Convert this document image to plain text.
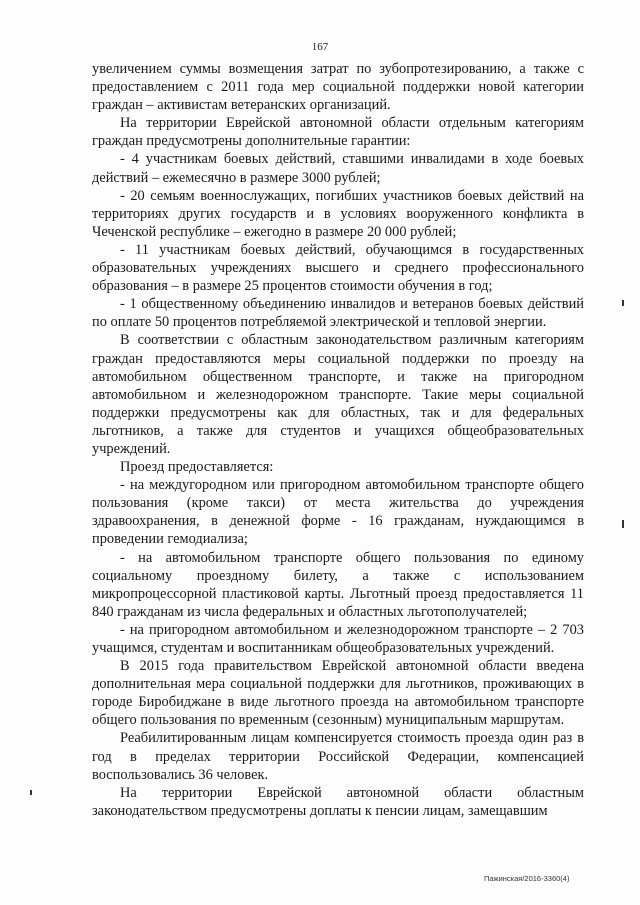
167

увеличением суммы возмещения затрат по зубопротезированию, а также с предоставлением с 2011 года мер социальной поддержки новой категории граждан – активистам ветеранских организаций.

На территории Еврейской автономной области отдельным категориям граждан предусмотрены дополнительные гарантии:

- 4 участникам боевых действий, ставшими инвалидами в ходе боевых действий – ежемесячно в размере 3000 рублей;

- 20 семьям военнослужащих, погибших участников боевых действий на территориях других государств и в условиях вооруженного конфликта в Чеченской республике – ежегодно в размере 20 000 рублей;

- 11 участникам боевых действий, обучающимся в государственных образовательных учреждениях высшего и среднего профессионального образования – в размере 25 процентов стоимости обучения в год;

- 1 общественному объединению инвалидов и ветеранов боевых действий по оплате 50 процентов потребляемой электрической и тепловой энергии.

В соответствии с областным законодательством различным категориям граждан предоставляются меры социальной поддержки по проезду на автомобильном общественном транспорте, и также на пригородном автомобильном и железнодорожном транспорте. Такие меры социальной поддержки предусмотрены как для областных, так и для федеральных льготников, а также для студентов и учащихся общеобразовательных учреждений.

Проезд предоставляется:

- на междугородном или пригородном автомобильном транспорте общего пользования (кроме такси) от места жительства до учреждения здравоохранения, в денежной форме - 16 гражданам, нуждающимся в проведении гемодиализа;

- на автомобильном транспорте общего пользования по единому социальному проездному билету, а также с использованием микропроцессорной пластиковой карты. Льготный проезд предоставляется 11 840 гражданам из числа федеральных и областных льготополучателей;

- на пригородном автомобильном и железнодорожном транспорте – 2 703 учащимся, студентам и воспитанникам общеобразовательных учреждений.

В 2015 года правительством Еврейской автономной области введена дополнительная мера социальной поддержки для льготников, проживающих в городе Биробиджане в виде льготного проезда на автомобильном транспорте общего пользования по временным (сезонным) муниципальным маршрутам.

Реабилитированным лицам компенсируется стоимость проезда один раз в год в пределах территории Российской Федерации, компенсацией воспользовались 36 человек.

На территории Еврейской автономной области областным законодательством предусмотрены доплаты к пенсии лицам, замещавшим

Пажинская/2016-3360(4)
